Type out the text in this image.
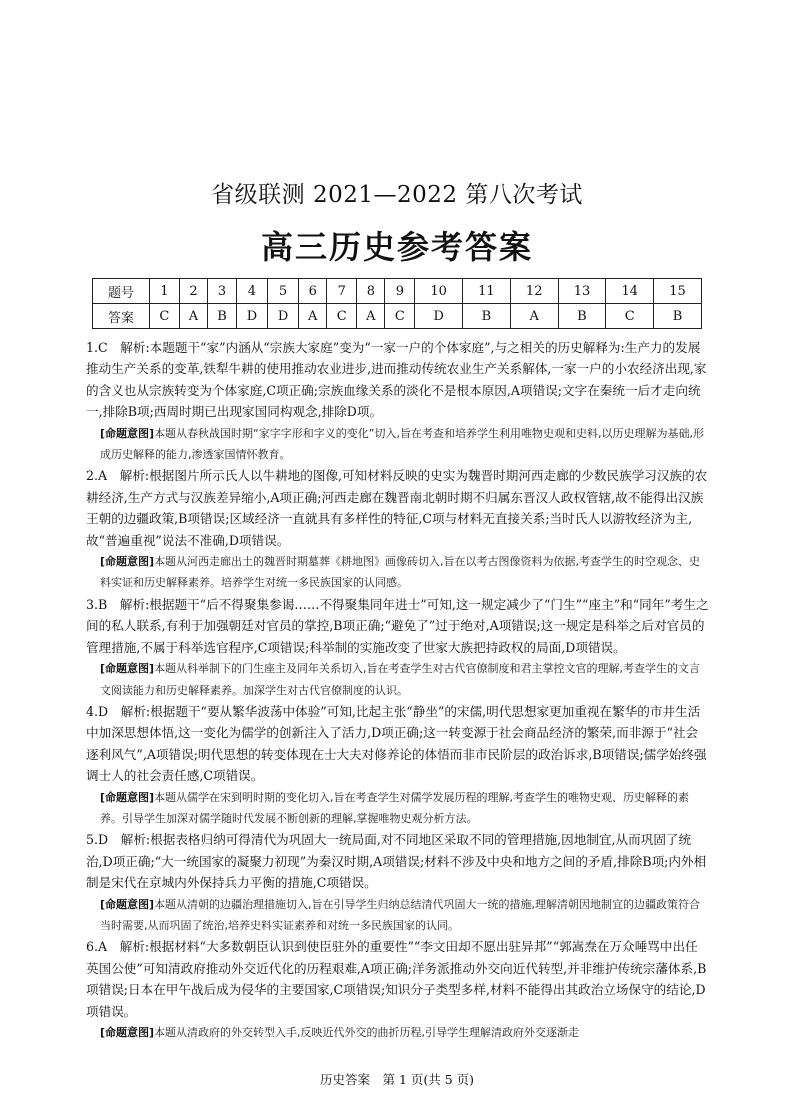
省级联测 2021—2022 第八次考试
高三历史参考答案
题号	1	2	3	4	5	6	7	8	9	10	11	12	13	14	15
答案	C	A	B	D	D	A	C	A	C	D	B	A	B	C	B

1.C　 解析:本题题干“家”内涵从“宗族大家庭”变为“一家一户的个体家庭”,与之相关的历史解释为:生产力的发展推动生产关系的变革,铁犁牛耕的使用推动农业进步,进而推动传统农业生产关系解体,一家一户的小农经济出现,家的含义也从宗族转变为个体家庭,C项正确;宗族血缘关系的淡化不是根本原因,A项错误;文字在秦统一后才走向统一,排除B项;西周时期已出现家国同构观念,排除D项。

[命题意图]本题从春秋战国时期“家字字形和字义的变化”切入,旨在考查和培养学生利用唯物史观和史料,以历史理解为基础,形成历史解释的能力,渗透家国情怀教育。

2.A　 解析:根据图片所示氏人以牛耕地的图像,可知材料反映的史实为魏晋时期河西走廊的少数民族学习汉族的农耕经济,生产方式与汉族差异缩小,A项正确;河西走廊在魏晋南北朝时期不归属东晋汉人政权管辖,故不能得出汉族王朝的边疆政策,B项错误;区域经济一直就具有多样性的特征,C项与材料无直接关系;当时氏人以游牧经济为主,故“普遍重视”说法不准确,D项错误。

[命题意图]本题从河西走廊出土的魏晋时期墓葬《耕地图》画像砖切入,旨在以考古图像资料为依据,考查学生的时空观念、史料实证和历史解释素养。培养学生对统一多民族国家的认同感。

3.B　 解析:根据题干“后不得聚集参谒……不得聚集同年进士”可知,这一规定减少了“门生”“座主”和“同年”考生之间的私人联系,有利于加强朝廷对官员的掌控,B项正确;“避免了”过于绝对,A项错误;这一规定是科举之后对官员的管理措施,不属于科举选官程序,C项错误;科举制的实施改变了世家大族把持政权的局面,D项错误。

[命题意图]本题从科举制下的门生座主及同年关系切入,旨在考查学生对古代官僚制度和君主掌控文官的理解,考查学生的文言文阅读能力和历史解释素养。加深学生对古代官僚制度的认识。

4.D　 解析:根据题干“要从繁华波荡中体验”可知,比起主张“静坐”的宋儒,明代思想家更加重视在繁华的市井生活中加深思想体悟,这一变化为儒学的创新注入了活力,D项正确;这一转变源于社会商品经济的繁荣,而非源于“社会逐利风气”,A项错误;明代思想的转变体现在士大夫对修养论的体悟而非市民阶层的政治诉求,B项错误;儒学始终强调士人的社会责任感,C项错误。

[命题意图]本题从儒学在宋到明时期的变化切入,旨在考查学生对儒学发展历程的理解,考查学生的唯物史观、历史解释的素养。引导学生加深对儒学随时代发展不断创新的理解,掌握唯物史观分析方法。

5.D　 解析:根据表格归纳可得清代为巩固大一统局面,对不同地区采取不同的管理措施,因地制宜,从而巩固了统治,D项正确;“大一统国家的凝聚力初现”为秦汉时期,A项错误;材料不涉及中央和地方之间的矛盾,排除B项;内外相制是宋代在京城内外保持兵力平衡的措施,C项错误。

[命题意图]本题从清朝的边疆治理措施切入,旨在引导学生归纳总结清代巩固大一统的措施,理解清朝因地制宜的边疆政策符合当时需要,从而巩固了统治,培养史料实证素养和对统一多民族国家的认同。

6.A　 解析:根据材料“大多数朝臣认识到使臣驻外的重要性”“李文田却不愿出驻异邦”“郭嵩焘在万众唾骂中出任英国公使”可知清政府推动外交近代化的历程艰难,A项正确;洋务派推动外交向近代转型,并非维护传统宗藩体系,B项错误;日本在甲午战后成为侵华的主要国家,C项错误;知识分子类型多样,材料不能得出其政治立场保守的结论,D项错误。

[命题意图]本题从清政府的外交转型入手,反映近代外交的曲折历程,引导学生理解清政府外交逐渐走

历史答案　第 1 页(共 5 页)
